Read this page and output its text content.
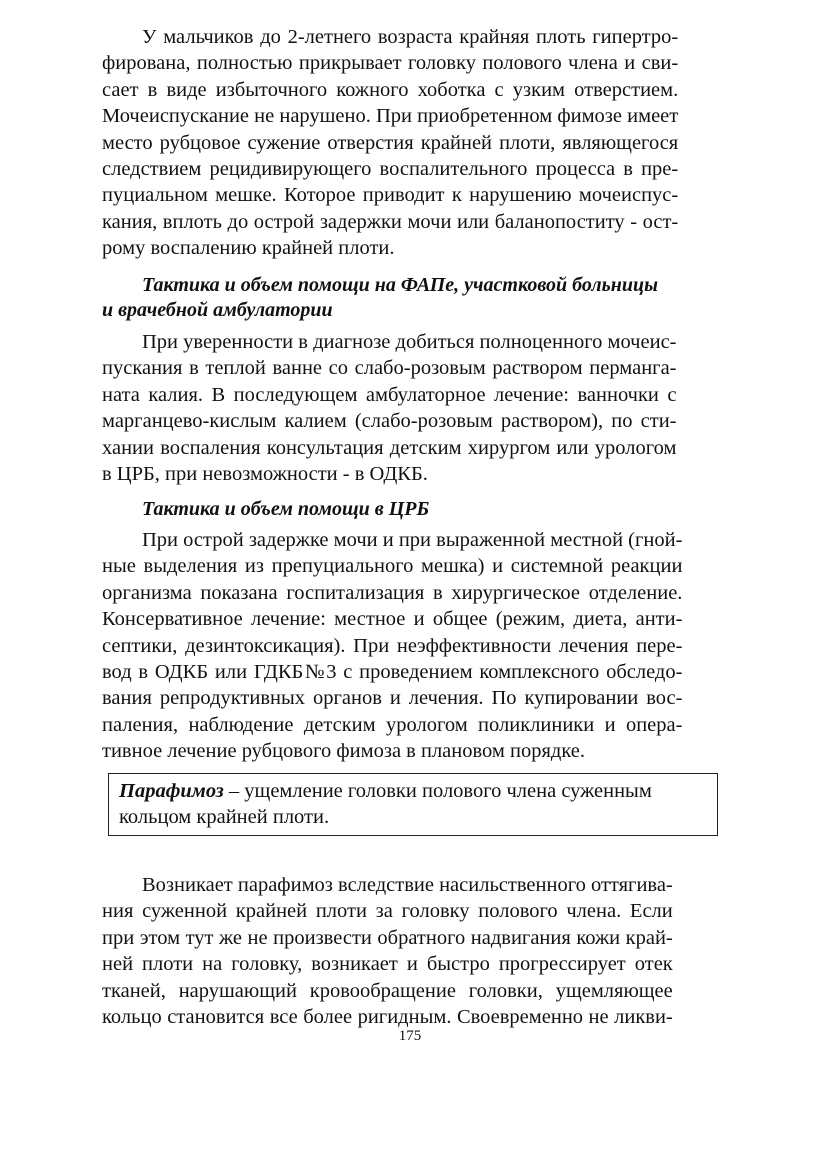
У мальчиков до 2-летнего возраста крайняя плоть гипертро-
фирована, полностью прикрывает головку полового члена и сви-
сает в виде избыточного кожного хоботка с узким отверстием.
Мочеиспускание не нарушено. При приобретенном фимозе имеет
место рубцовое сужение отверстия крайней плоти, являющегося
следствием рецидивирующего воспалительного процесса в пре-
пуциальном мешке. Которое приводит к нарушению мочеиспус-
кания, вплоть до острой задержки мочи или баланопоститу - ост-
рому воспалению крайней плоти.

Тактика и объем помощи на ФАПе, участковой больницы
и врачебной амбулатории

При уверенности в диагнозе добиться полноценного мочеис-
пускания в теплой ванне со слабо-розовым раствором перманга-
ната калия. В последующем амбулаторное лечение: ванночки с
марганцево-кислым калием (слабо-розовым раствором), по сти-
хании воспаления консультация детским хирургом или урологом
в ЦРБ, при невозможности - в ОДКБ.

Тактика и объем помощи в ЦРБ

При острой задержке мочи и при выраженной местной (гной-
ные выделения из препуциального мешка) и системной реакции
организма показана госпитализация в хирургическое отделение.
Консервативное лечение: местное и общее (режим, диета, анти-
септики, дезинтоксикация). При неэффективности лечения пере-
вод в ОДКБ или ГДКБ№3 с проведением комплексного обследо-
вания репродуктивных органов и лечения. По купировании вос-
паления, наблюдение детским урологом поликлиники и опера-
тивное лечение рубцового фимоза в плановом порядке.

Парафимоз – ущемление головки полового члена суженным
кольцом крайней плоти.

Возникает парафимоз вследствие насильственного оттягива-
ния суженной крайней плоти за головку полового члена. Если
при этом тут же не произвести обратного надвигания кожи край-
ней плоти на головку, возникает и быстро прогрессирует отек
тканей, нарушающий кровообращение головки, ущемляющее
кольцо становится все более ригидным. Своевременно не ликви-

175
